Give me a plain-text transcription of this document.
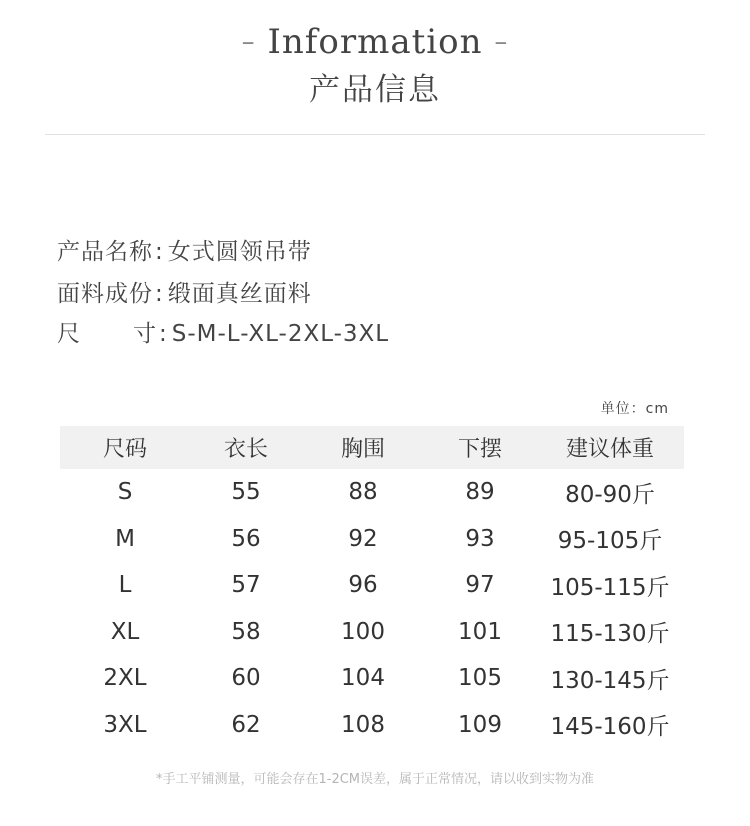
– Information –
产品信息
产品名称: 女式圆领吊带
面料成份: 缎面真丝面料
尺 寸 : S-M-L-XL-2XL-3XL
单位：cm
尺码	衣长	胸围	下摆	建议体重
S	55	88	89	80-90斤
M	56	92	93	95-105斤
L	57	96	97	105-115斤
XL	58	100	101	115-130斤
2XL	60	104	105	130-145斤
3XL	62	108	109	145-160斤
*手工平铺测量，可能会存在1-2CM误差，属于正常情况，请以收到实物为准
